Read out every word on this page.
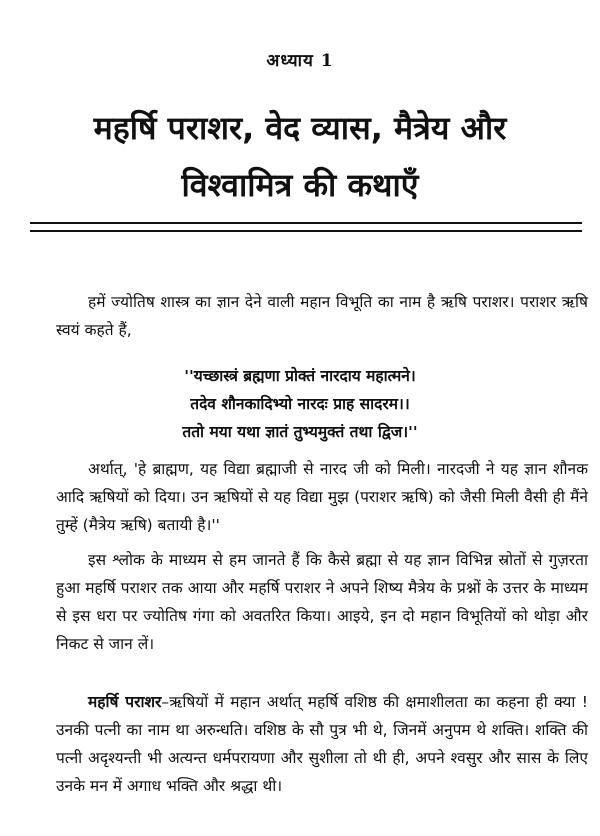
अध्याय 1
महर्षि पराशर, वेद व्यास, मैत्रेय और
विश्वामित्र की कथाएँ

हमें ज्योतिष शास्त्र का ज्ञान देने वाली महान विभूति का नाम है ऋषि पराशर। पराशर ऋषि स्वयं कहते हैं,

''यच्छास्त्रं ब्रह्मणा प्रोक्तं नारदाय महात्मने।
तदेव शौनकादिभ्यो नारदः प्राह सादरम।।
ततो मया यथा ज्ञातं तुभ्यमुक्तं तथा द्विज।''

अर्थात्, 'हे ब्राह्मण, यह विद्या ब्रह्माजी से नारद जी को मिली। नारदजी ने यह ज्ञान शौनक आदि ऋषियों को दिया। उन ऋषियों से यह विद्या मुझ (पराशर ऋषि) को जैसी मिली वैसी ही मैंने तुम्हें (मैत्रेय ऋषि) बतायी है।''

इस श्लोक के माध्यम से हम जानते हैं कि कैसे ब्रह्मा से यह ज्ञान विभिन्न स्रोतों से गुज़रता हुआ महर्षि पराशर तक आया और महर्षि पराशर ने अपने शिष्य मैत्रेय के प्रश्नों के उत्तर के माध्यम से इस धरा पर ज्योतिष गंगा को अवतरित किया। आइये, इन दो महान विभूतियों को थोड़ा और निकट से जान लें।

महर्षि पराशर–ऋषियों में महान अर्थात् महर्षि वशिष्ठ की क्षमाशीलता का कहना ही क्या ! उनकी पत्नी का नाम था अरुन्धति। वशिष्ठ के सौ पुत्र भी थे, जिनमें अनुपम थे शक्ति। शक्ति की पत्नी अदृश्यन्ती भी अत्यन्त धर्मपरायणा और सुशीला तो थी ही, अपने श्वसुर और सास के लिए उनके मन में अगाध भक्ति और श्रद्धा थी।
